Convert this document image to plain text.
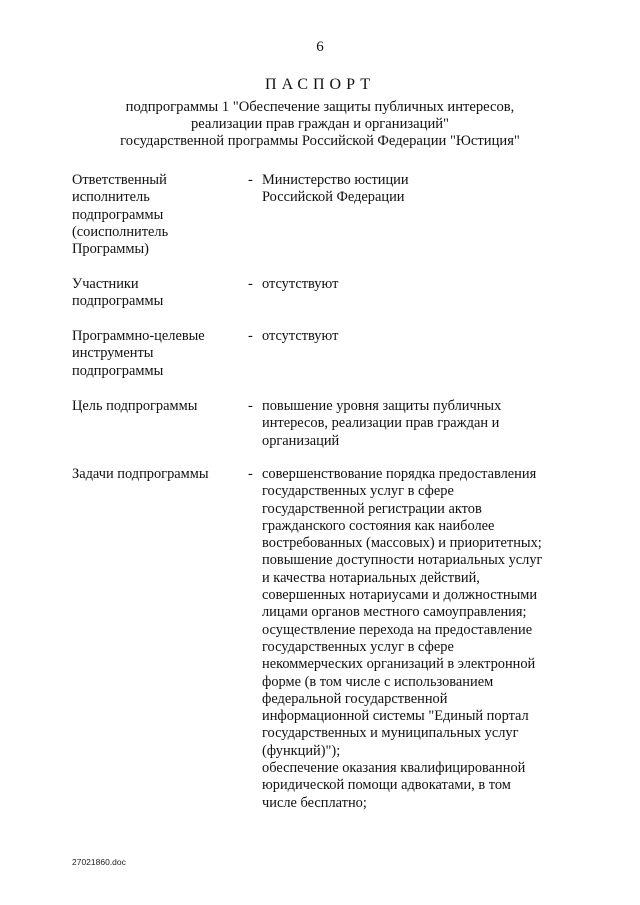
6
ПАСПОРТ
подпрограммы 1 "Обеспечение защиты публичных интересов,
реализации прав граждан и организаций"
государственной программы Российской Федерации "Юстиция"
Ответственный
исполнитель
подпрограммы
(соисполнитель
Программы)
- Министерство юстиции
Российской Федерации
Участники
подпрограммы
- отсутствуют
Программно-целевые
инструменты
подпрограммы
- отсутствуют
Цель подпрограммы	- повышение уровня защиты публичных
интересов, реализации прав граждан и
организаций
Задачи подпрограммы	- совершенствование порядка предоставления
государственных услуг в сфере
государственной регистрации актов
гражданского состояния как наиболее
востребованных (массовых) и приоритетных;
повышение доступности нотариальных услуг
и качества нотариальных действий,
совершенных нотариусами и должностными
лицами органов местного самоуправления;
осуществление перехода на предоставление
государственных услуг в сфере
некоммерческих организаций в электронной
форме (в том числе с использованием
федеральной государственной
информационной системы "Единый портал
государственных и муниципальных услуг
(функций)");
обеспечение оказания квалифицированной
юридической помощи адвокатами, в том
числе бесплатно;
27021860.doc
